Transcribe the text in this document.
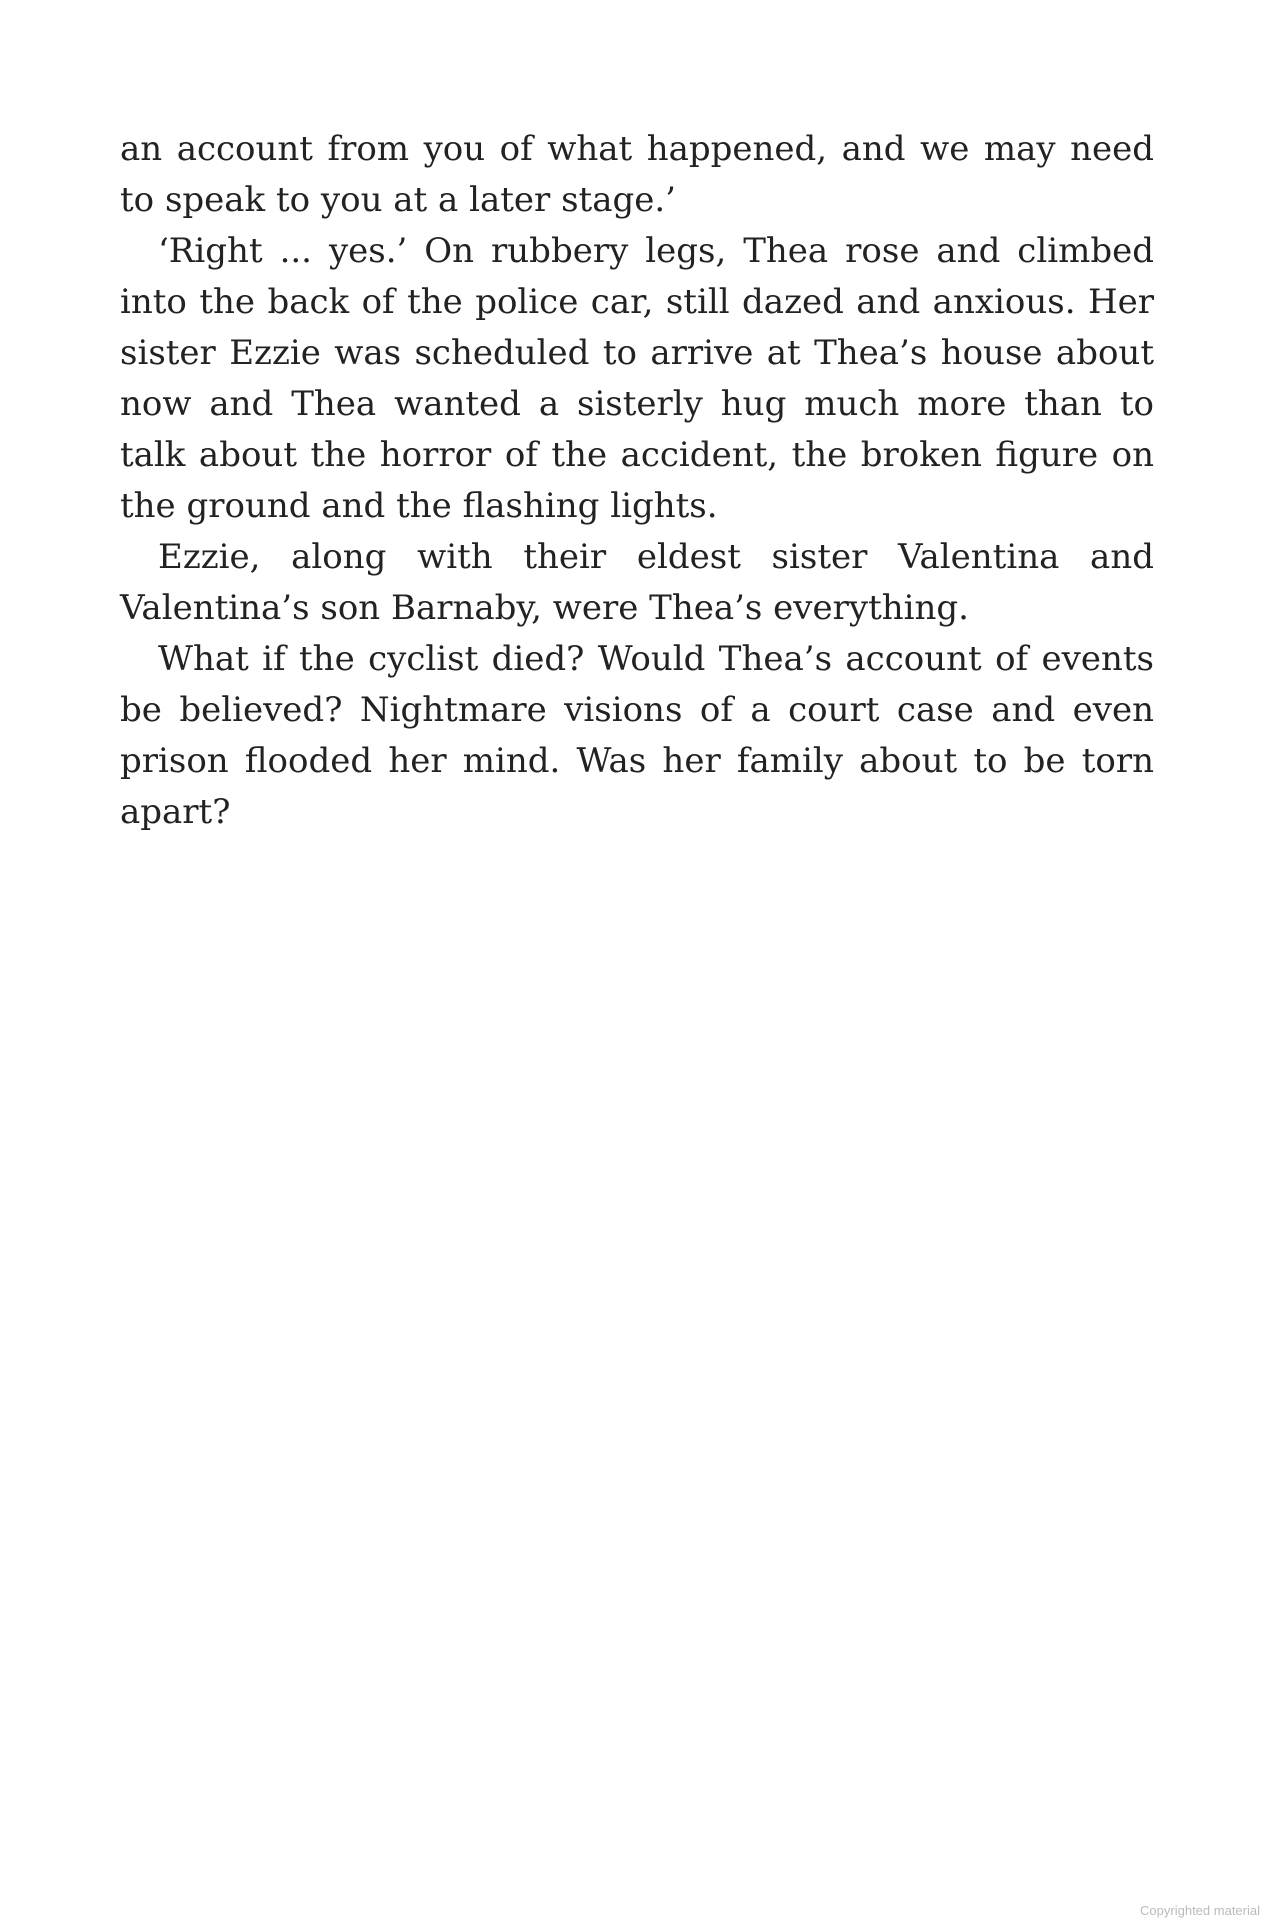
an account from you of what happened, and we may need to speak to you at a later stage.’

‘Right ... yes.’ On rubbery legs, Thea rose and climbed into the back of the police car, still dazed and anxious. Her sister Ezzie was scheduled to arrive at Thea’s house about now and Thea wanted a sisterly hug much more than to talk about the horror of the accident, the broken figure on the ground and the flashing lights.

Ezzie, along with their eldest sister Valentina and Valentina’s son Barnaby, were Thea’s everything.

What if the cyclist died? Would Thea’s account of events be believed? Nightmare visions of a court case and even prison flooded her mind. Was her family about to be torn apart?

Copyrighted material
